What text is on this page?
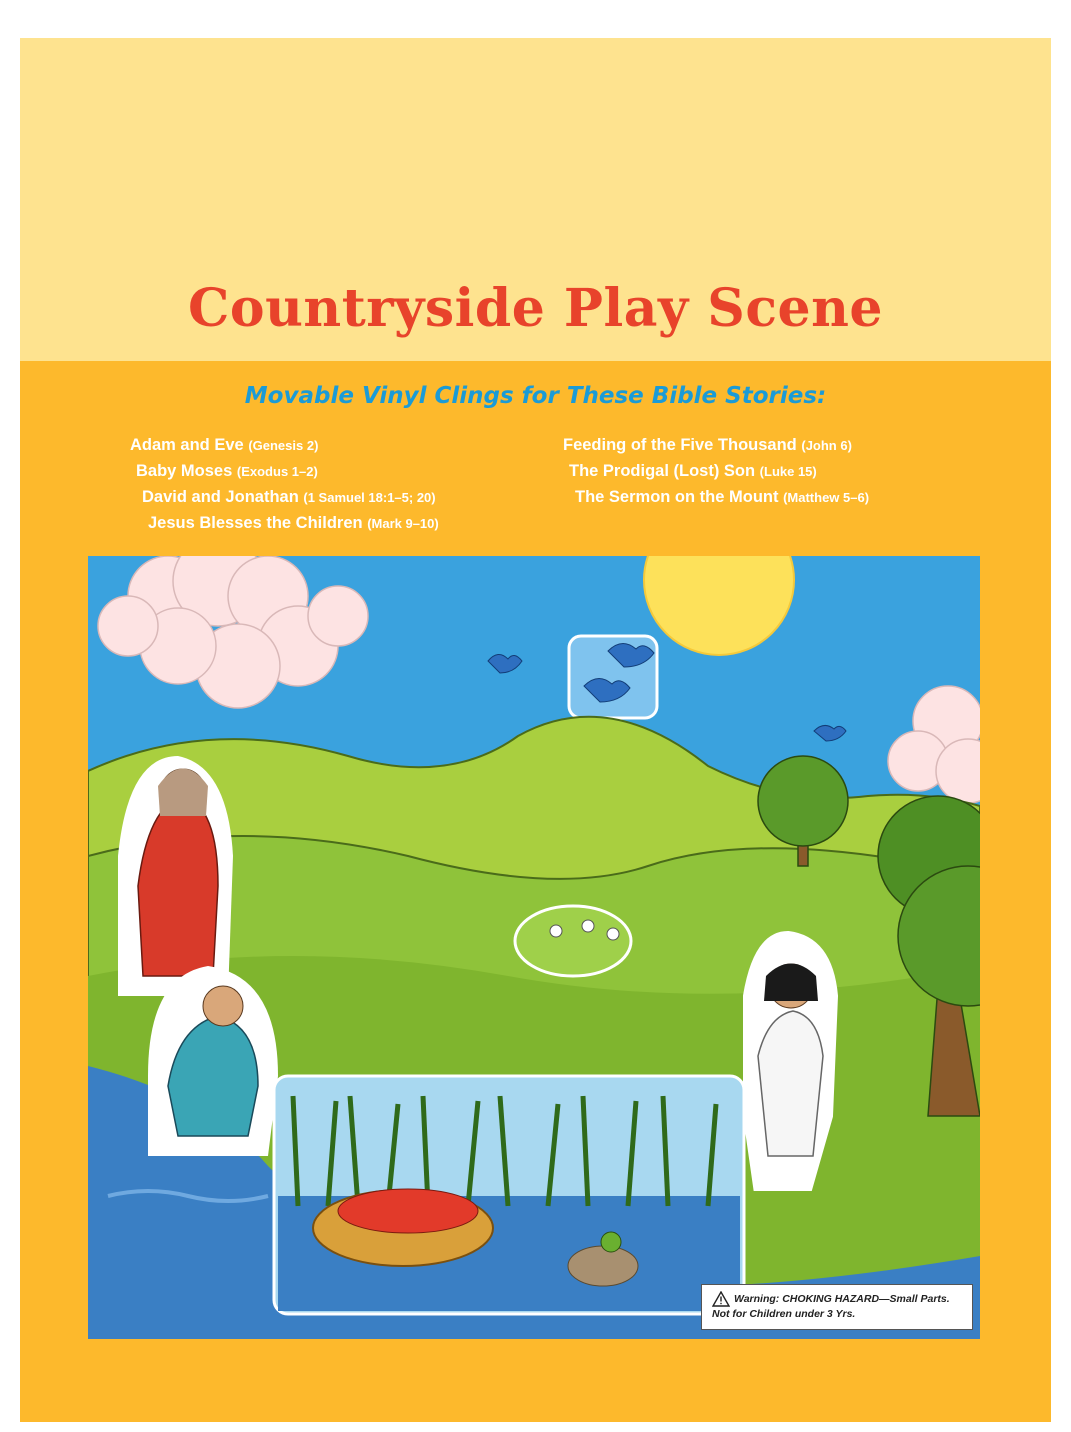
Countryside Play Scene

Movable Vinyl Clings for These Bible Stories:

Adam and Eve (Genesis 2)
Baby Moses (Exodus 1–2)
David and Jonathan (1 Samuel 18:1–5; 20)
Jesus Blesses the Children (Mark 9–10)
Feeding of the Five Thousand (John 6)
The Prodigal (Lost) Son (Luke 15)
The Sermon on the Mount (Matthew 5–6)
Warning: CHOKING HAZARD—Small Parts.
Not for Children under 3 Yrs.
